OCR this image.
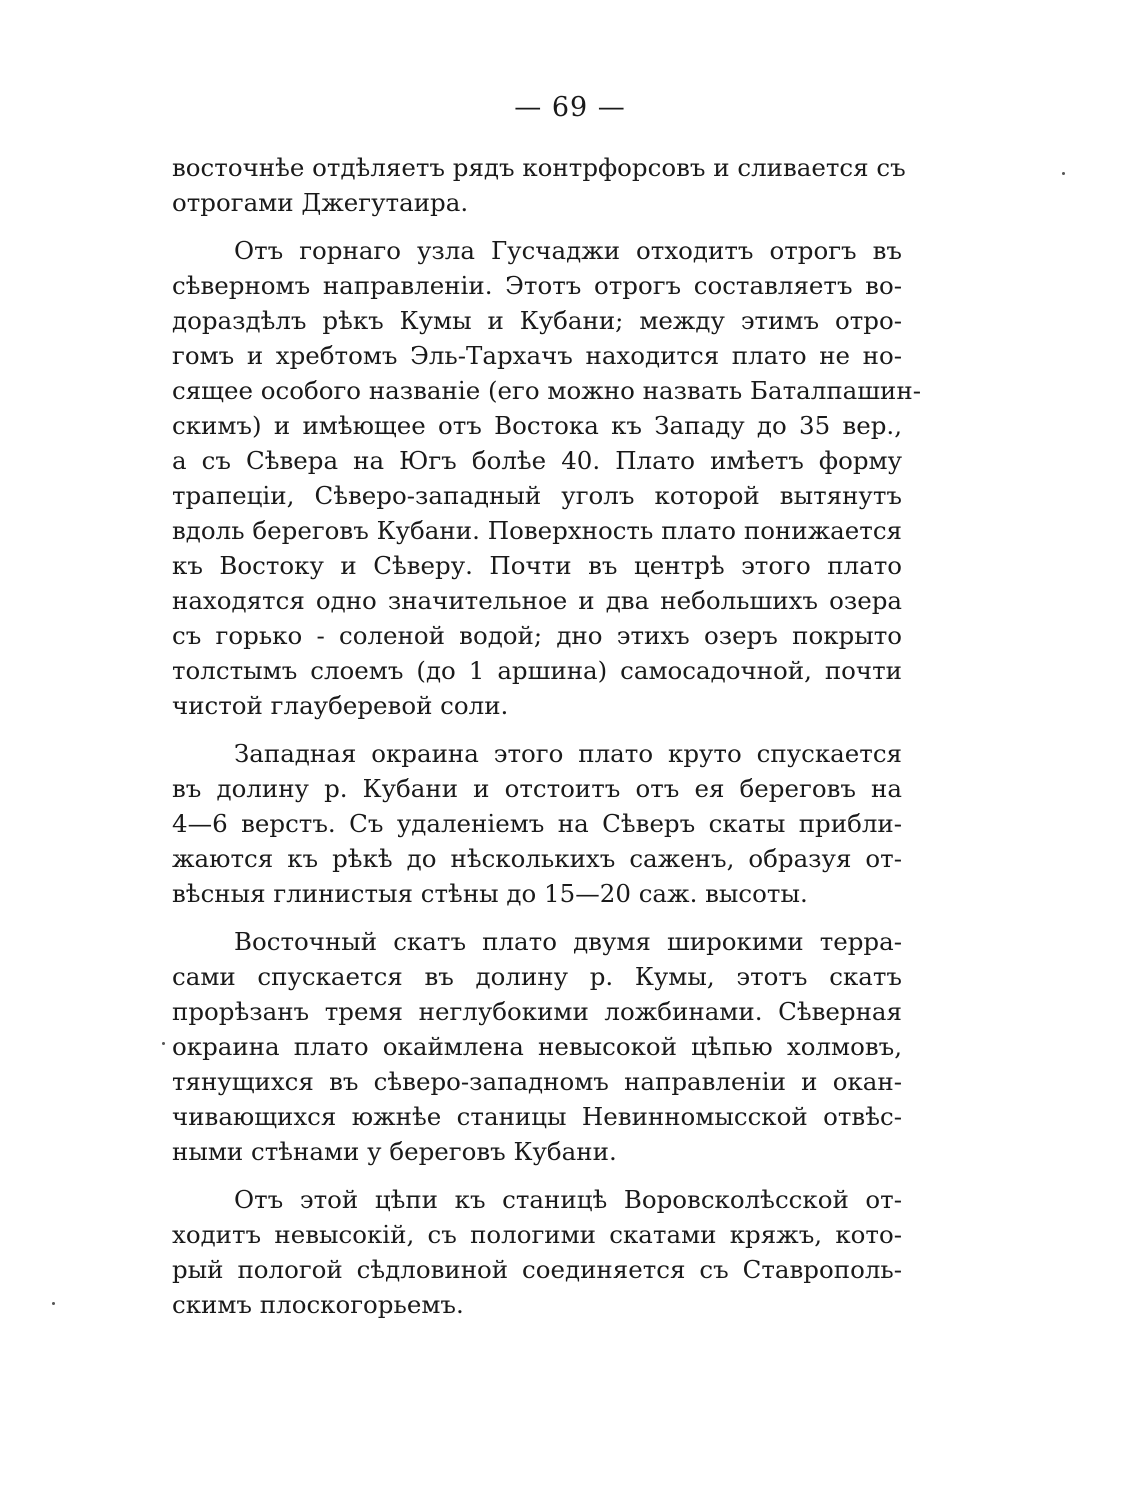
— 69 —
восточнѣе отдѣляетъ рядъ контрфорсовъ и сливается съ
отрогами Джегутаира.
Отъ горнаго узла Гусчаджи отходитъ отрогъ въ
сѣверномъ направленіи. Этотъ отрогъ составляетъ во-
дораздѣлъ рѣкъ Кумы и Кубани; между этимъ отро-
гомъ и хребтомъ Эль-Тархачъ находится плато не но-
сящее особого названіе (его можно назвать Баталпашин-
скимъ) и имѣющее отъ Востока къ Западу до 35 вер.,
а съ Сѣвера на Югъ болѣе 40. Плато имѣетъ форму
трапеціи, Сѣверо-западный уголъ которой вытянутъ
вдоль береговъ Кубани. Поверхность плато понижается
къ Востоку и Сѣверу. Почти въ центрѣ этого плато
находятся одно значительное и два небольшихъ озера
съ горько - соленой водой; дно этихъ озеръ покрыто
толстымъ слоемъ (до 1 аршина) самосадочной, почти
чистой глауберевой соли.
Западная окраина этого плато круто спускается
въ долину р. Кубани и отстоитъ отъ ея береговъ на
4—6 верстъ. Съ удаленіемъ на Сѣверъ скаты прибли-
жаются къ рѣкѣ до нѣсколькихъ саженъ, образуя от-
вѣсныя глинистыя стѣны до 15—20 саж. высоты.
Восточный скатъ плато двумя широкими терра-
сами спускается въ долину р. Кумы, этотъ скатъ
прорѣзанъ тремя неглубокими ложбинами. Сѣверная
окраина плато окаймлена невысокой цѣпью холмовъ,
тянущихся въ сѣверо-западномъ направленіи и окан-
чивающихся южнѣе станицы Невинномысской отвѣс-
ными стѣнами у береговъ Кубани.
Отъ этой цѣпи къ станицѣ Воровсколѣсской от-
ходитъ невысокій, съ пологими скатами кряжъ, кото-
рый пологой сѣдловиной соединяется съ Ставрополь-
скимъ плоскогорьемъ.
